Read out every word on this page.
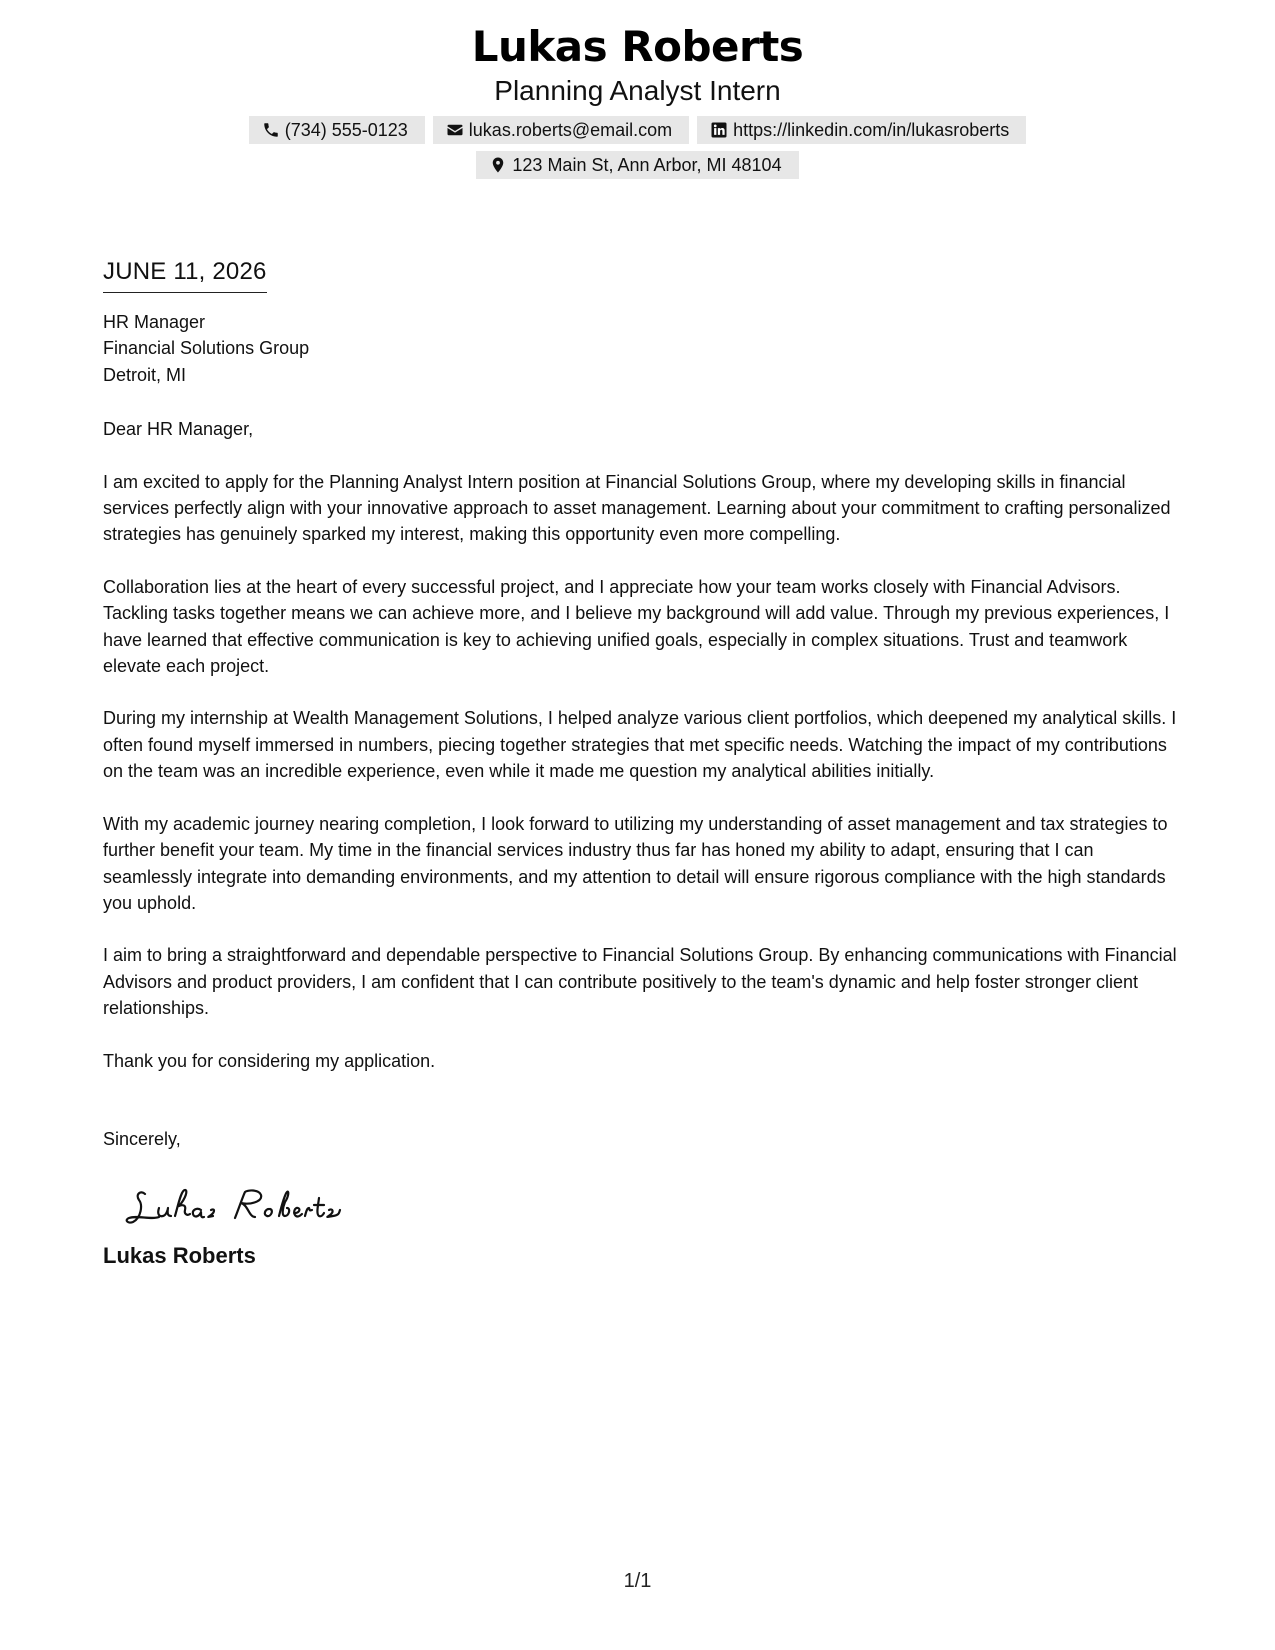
Lukas Roberts
Planning Analyst Intern
(734) 555-0123	lukas.roberts@email.com	https://linkedin.com/in/lukasroberts
123 Main St, Ann Arbor, MI 48104
JUNE 11, 2026
HR Manager
Financial Solutions Group
Detroit, MI

Dear HR Manager,

I am excited to apply for the Planning Analyst Intern position at Financial Solutions Group, where my developing skills in financial services perfectly align with your innovative approach to asset management. Learning about your commitment to crafting personalized strategies has genuinely sparked my interest, making this opportunity even more compelling.

Collaboration lies at the heart of every successful project, and I appreciate how your team works closely with Financial Advisors. Tackling tasks together means we can achieve more, and I believe my background will add value. Through my previous experiences, I have learned that effective communication is key to achieving unified goals, especially in complex situations. Trust and teamwork elevate each project.

During my internship at Wealth Management Solutions, I helped analyze various client portfolios, which deepened my analytical skills. I often found myself immersed in numbers, piecing together strategies that met specific needs. Watching the impact of my contributions on the team was an incredible experience, even while it made me question my analytical abilities initially.

With my academic journey nearing completion, I look forward to utilizing my understanding of asset management and tax strategies to further benefit your team. My time in the financial services industry thus far has honed my ability to adapt, ensuring that I can seamlessly integrate into demanding environments, and my attention to detail will ensure rigorous compliance with the high standards you uphold.

I aim to bring a straightforward and dependable perspective to Financial Solutions Group. By enhancing communications with Financial Advisors and product providers, I am confident that I can contribute positively to the team's dynamic and help foster stronger client relationships.

Thank you for considering my application.

Sincerely,

Lukas Roberts
1/1
